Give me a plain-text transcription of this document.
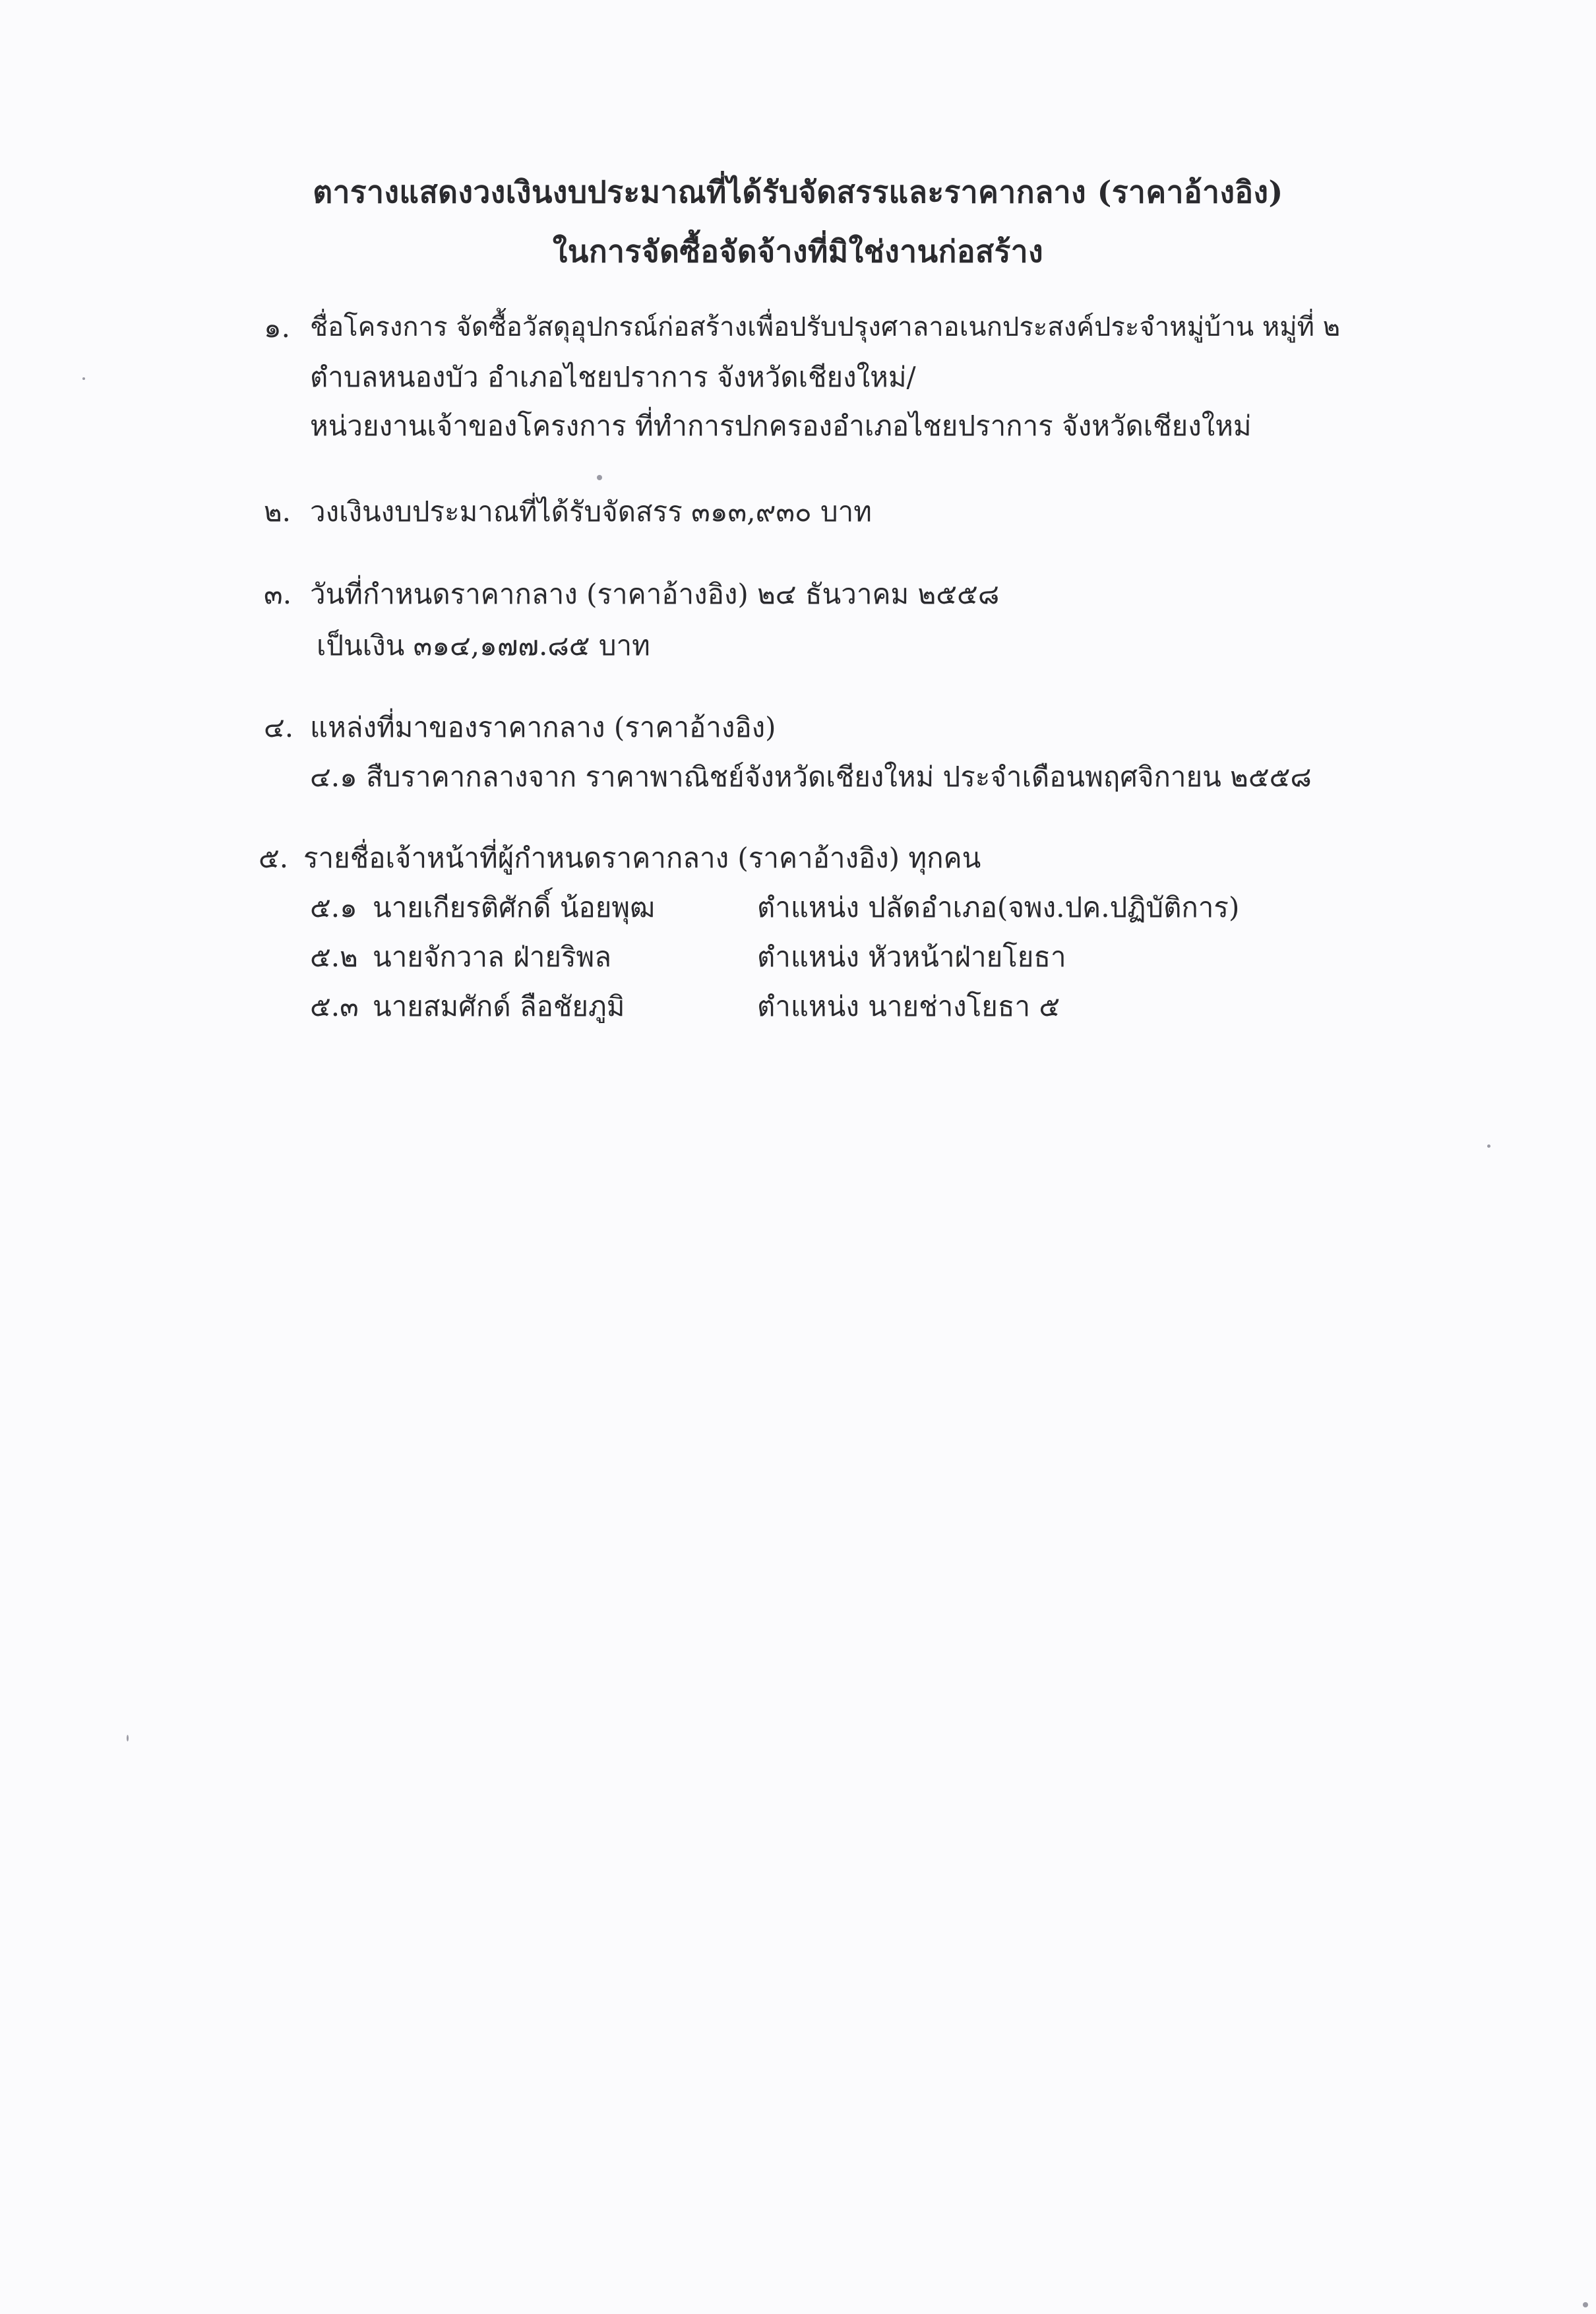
ตารางแสดงวงเงินงบประมาณที่ได้รับจัดสรรและราคากลาง (ราคาอ้างอิง)
ในการจัดซื้อจัดจ้างที่มิใช่งานก่อสร้าง
๑. ชื่อโครงการ จัดซื้อวัสดุอุปกรณ์ก่อสร้างเพื่อปรับปรุงศาลาอเนกประสงค์ประจำหมู่บ้าน หมู่ที่ ๒
ตำบลหนองบัว อำเภอไชยปราการ จังหวัดเชียงใหม่/
หน่วยงานเจ้าของโครงการ ที่ทำการปกครองอำเภอไชยปราการ จังหวัดเชียงใหม่
๒. วงเงินงบประมาณที่ได้รับจัดสรร ๓๑๓,๙๓๐ บาท
๓. วันที่กำหนดราคากลาง (ราคาอ้างอิง) ๒๔ ธันวาคม ๒๕๕๘
เป็นเงิน ๓๑๔,๑๗๗.๘๕ บาท
๔. แหล่งที่มาของราคากลาง (ราคาอ้างอิง)
๔.๑ สืบราคากลางจาก ราคาพาณิชย์จังหวัดเชียงใหม่ ประจำเดือนพฤศจิกายน ๒๕๕๘
๕. รายชื่อเจ้าหน้าที่ผู้กำหนดราคากลาง (ราคาอ้างอิง) ทุกคน
๕.๑ นายเกียรติศักดิ์ น้อยพุฒ	ตำแหน่ง ปลัดอำเภอ(จพง.ปค.ปฏิบัติการ)
๕.๒ นายจักวาล ฝ่ายริพล	ตำแหน่ง หัวหน้าฝ่ายโยธา
๕.๓ นายสมศักด์ ลือชัยภูมิ	ตำแหน่ง นายช่างโยธา ๕
